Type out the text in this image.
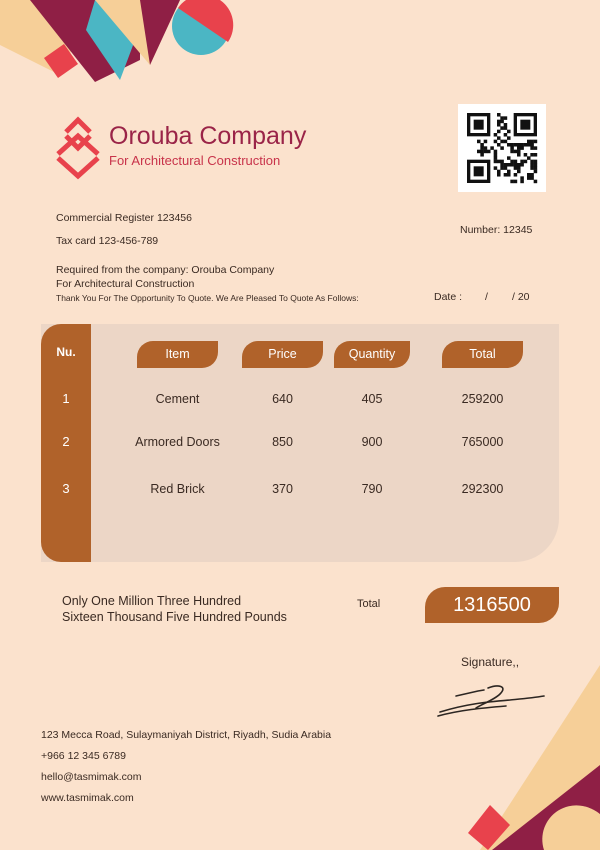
Orouba Company
For Architectural Construction
Commercial Register 123456
Tax card 123-456-789
Number: 12345
Required from the company: Orouba Company
For Architectural Construction
Thank You For The Opportunity To Quote. We Are Pleased To Quote As Follows:	Date : / / 20
Nu.	Item	Price	Quantity	Total
1	Cement	640	405	259200
2	Armored Doors	850	900	765000
3	Red Brick	370	790	292300
Only One Million Three Hundred
Sixteen Thousand Five Hundred Pounds
Total	1316500
Signature,,
123 Mecca Road, Sulaymaniyah District, Riyadh, Sudia Arabia
+966 12 345 6789
hello@tasmimak.com
www.tasmimak.com
